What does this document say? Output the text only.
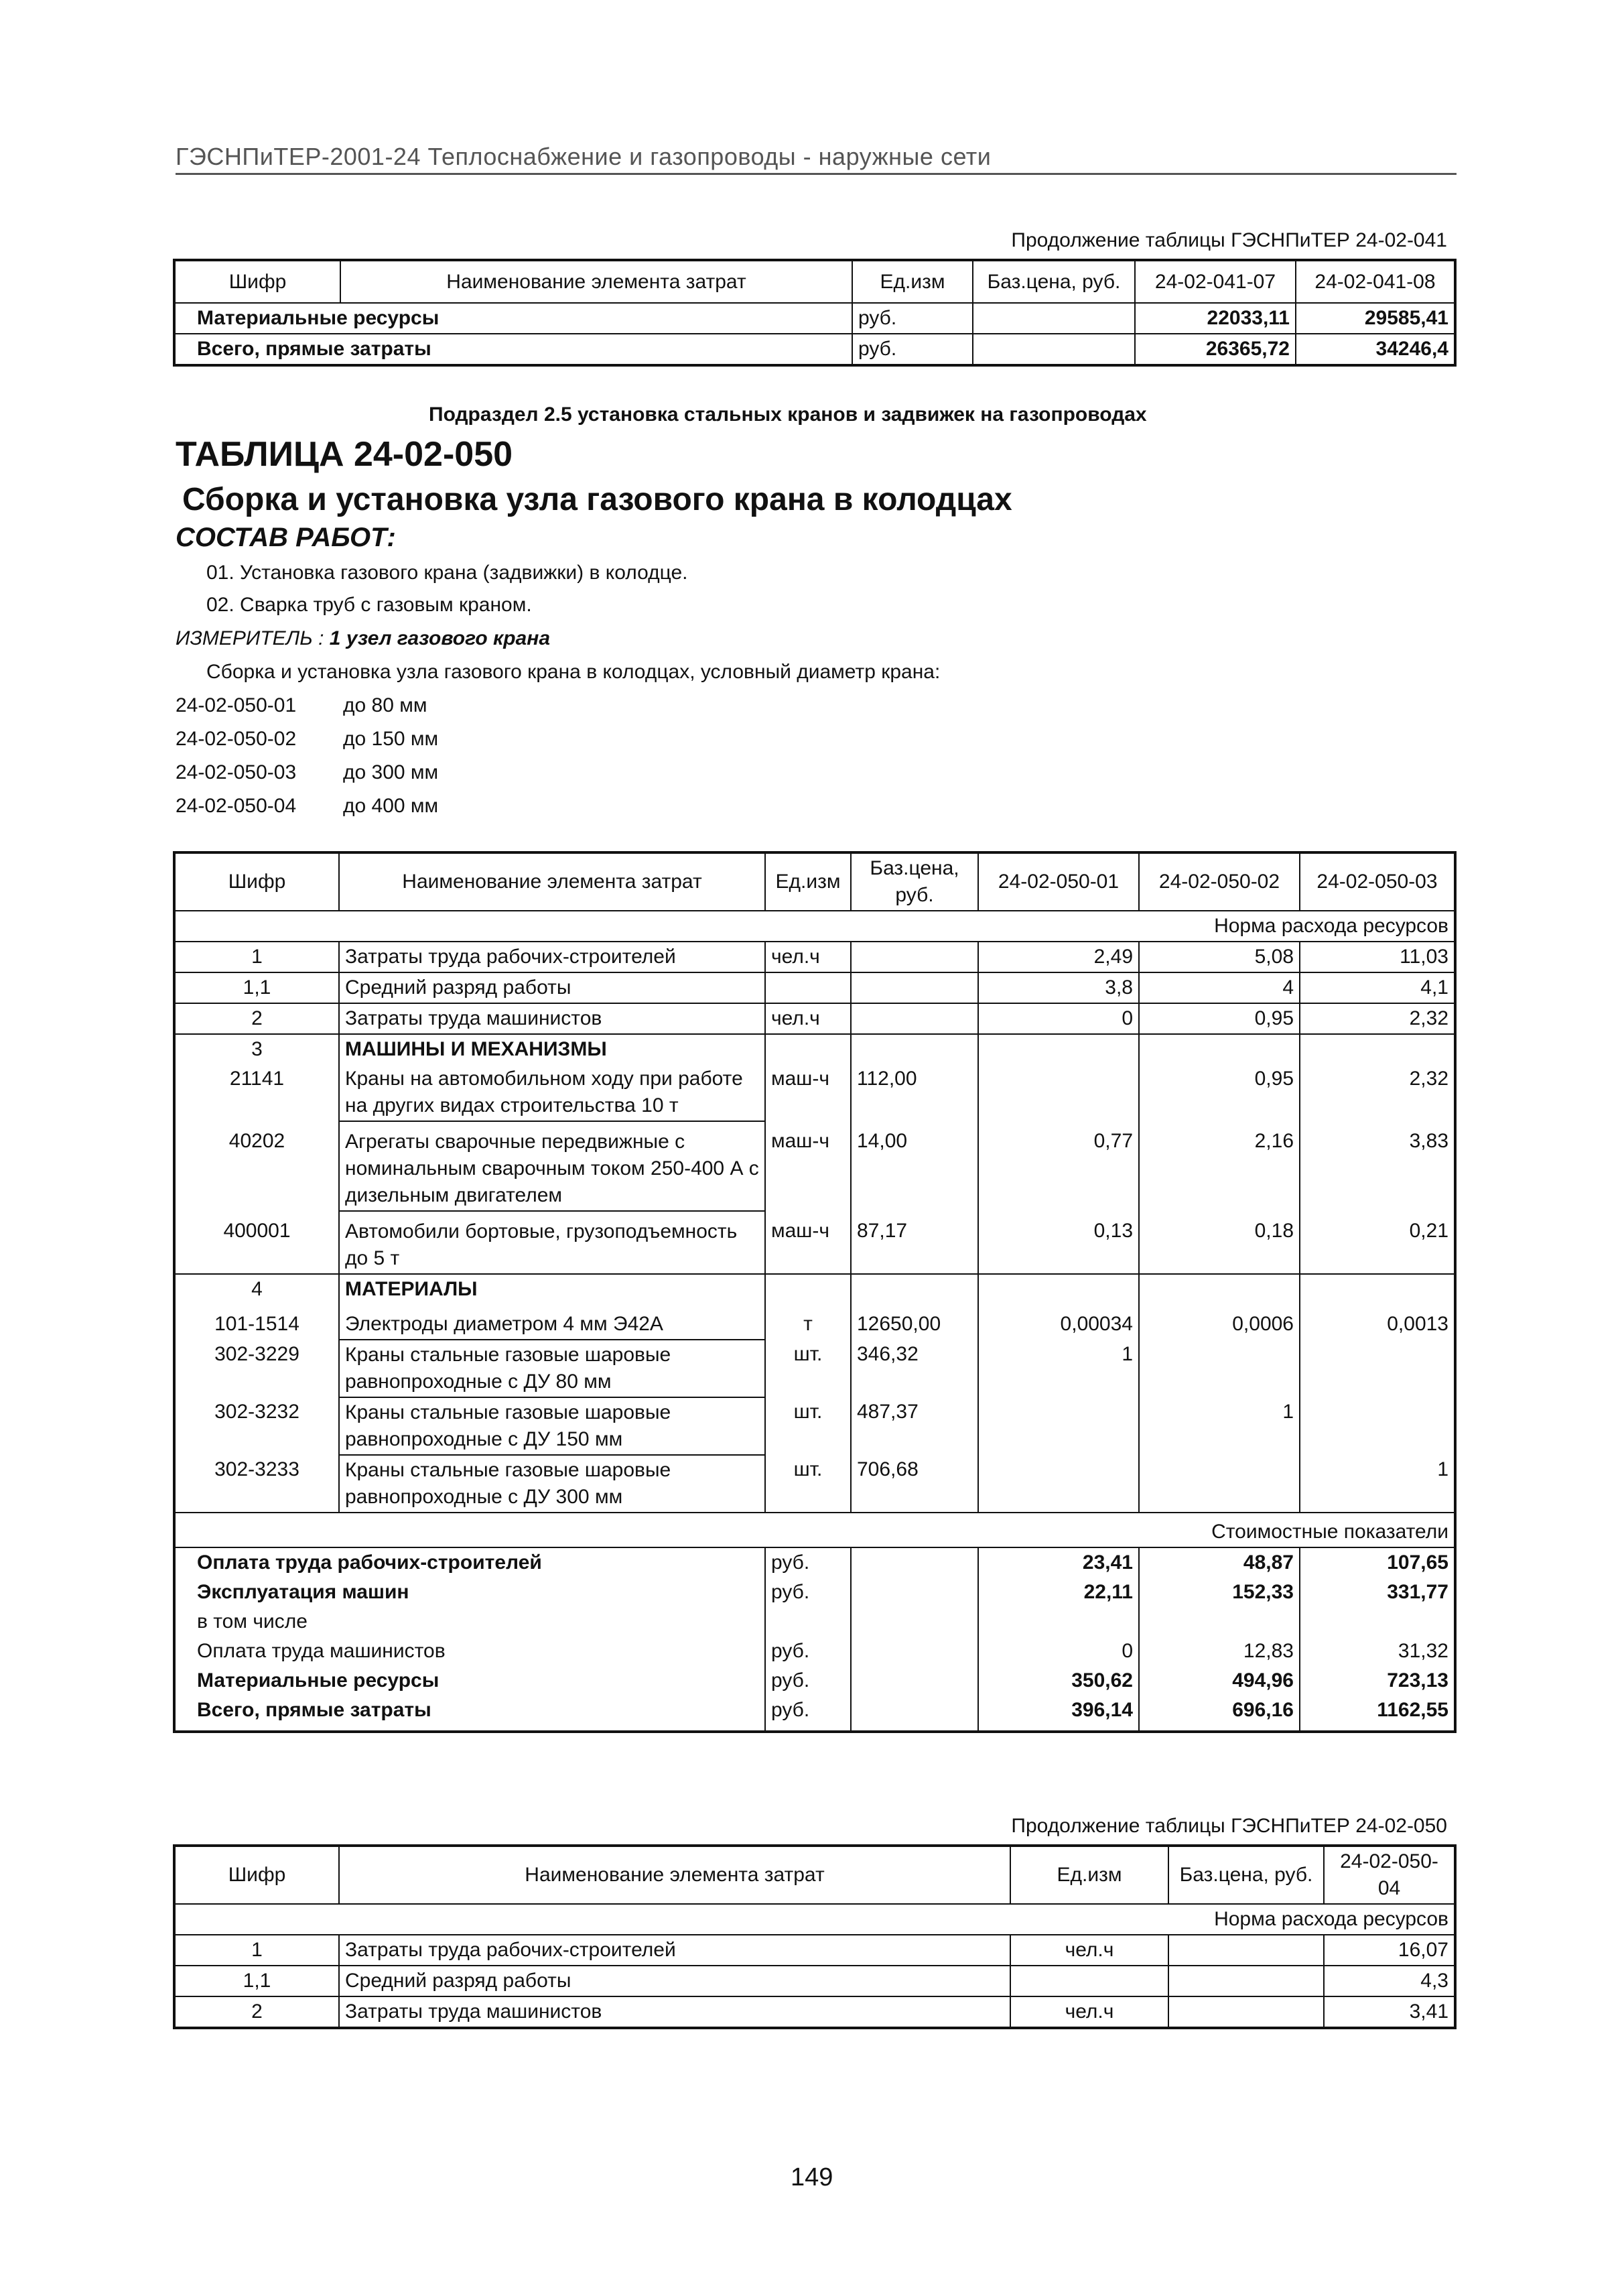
ГЭСНПиТЕР-2001-24 Теплоснабжение и газопроводы - наружные сети
Продолжение таблицы ГЭСНПиТЕР 24-02-041
Шифр	Наименование элемента затрат	Ед.изм	Баз.цена, руб.	24-02-041-07	24-02-041-08
Материальные ресурсы		руб.		22033,11	29585,41
Всего, прямые затраты		руб.		26365,72	34246,4
Подраздел 2.5 установка стальных кранов и задвижек на газопроводах
ТАБЛИЦА 24-02-050
Сборка и установка узла газового крана в колодцах
СОСТАВ РАБОТ:
01. Установка газового крана (задвижки) в колодце.
02. Сварка труб с газовым краном.
ИЗМЕРИТЕЛЬ : 1 узел газового крана
Сборка и установка узла газового крана в колодцах, условный диаметр крана:
24-02-050-01 до 80 мм
24-02-050-02 до 150 мм
24-02-050-03 до 300 мм
24-02-050-04 до 400 мм
Шифр	Наименование элемента затрат	Ед.изм	Баз.цена, руб.	24-02-050-01	24-02-050-02	24-02-050-03
Норма расхода ресурсов						
1	Затраты труда рабочих-строителей	чел.ч		2,49	5,08	11,03
1,1	Средний разряд работы			3,8	4	4,1
2	Затраты труда машинистов	чел.ч		0	0,95	2,32
3	МАШИНЫ И МЕХАНИЗМЫ					
21141	Краны на автомобильном ходу при работе на других видах строительства 10 т	маш-ч	112,00		0,95	2,32
40202	Агрегаты сварочные передвижные с номинальным сварочным током 250-400 А с дизельным двигателем	маш-ч	14,00	0,77	2,16	3,83
400001	Автомобили бортовые, грузоподъемность до 5 т	маш-ч	87,17	0,13	0,18	0,21
4	МАТЕРИАЛЫ					
101-1514	Электроды диаметром 4 мм Э42А	т	12650,00	0,00034	0,0006	0,0013
302-3229	Краны стальные газовые шаровые равнопроходные с ДУ 80 мм	шт.	346,32	1		
302-3232	Краны стальные газовые шаровые равнопроходные с ДУ 150 мм	шт.	487,37		1	
302-3233	Краны стальные газовые шаровые равнопроходные с ДУ 300 мм	шт.	706,68			1
Стоимостные показатели						
Оплата труда рабочих-строителей		руб.		23,41	48,87	107,65
Эксплуатация машин		руб.		22,11	152,33	331,77
в том числе						
Оплата труда машинистов		руб.		0	12,83	31,32
Материальные ресурсы		руб.		350,62	494,96	723,13
Всего, прямые затраты		руб.		396,14	696,16	1162,55
Продолжение таблицы ГЭСНПиТЕР 24-02-050
Шифр	Наименование элемента затрат	Ед.изм	Баз.цена, руб.	24-02-050-04
Норма расхода ресурсов				
1	Затраты труда рабочих-строителей	чел.ч		16,07
1,1	Средний разряд работы			4,3
2	Затраты труда машинистов	чел.ч		3,41
149
